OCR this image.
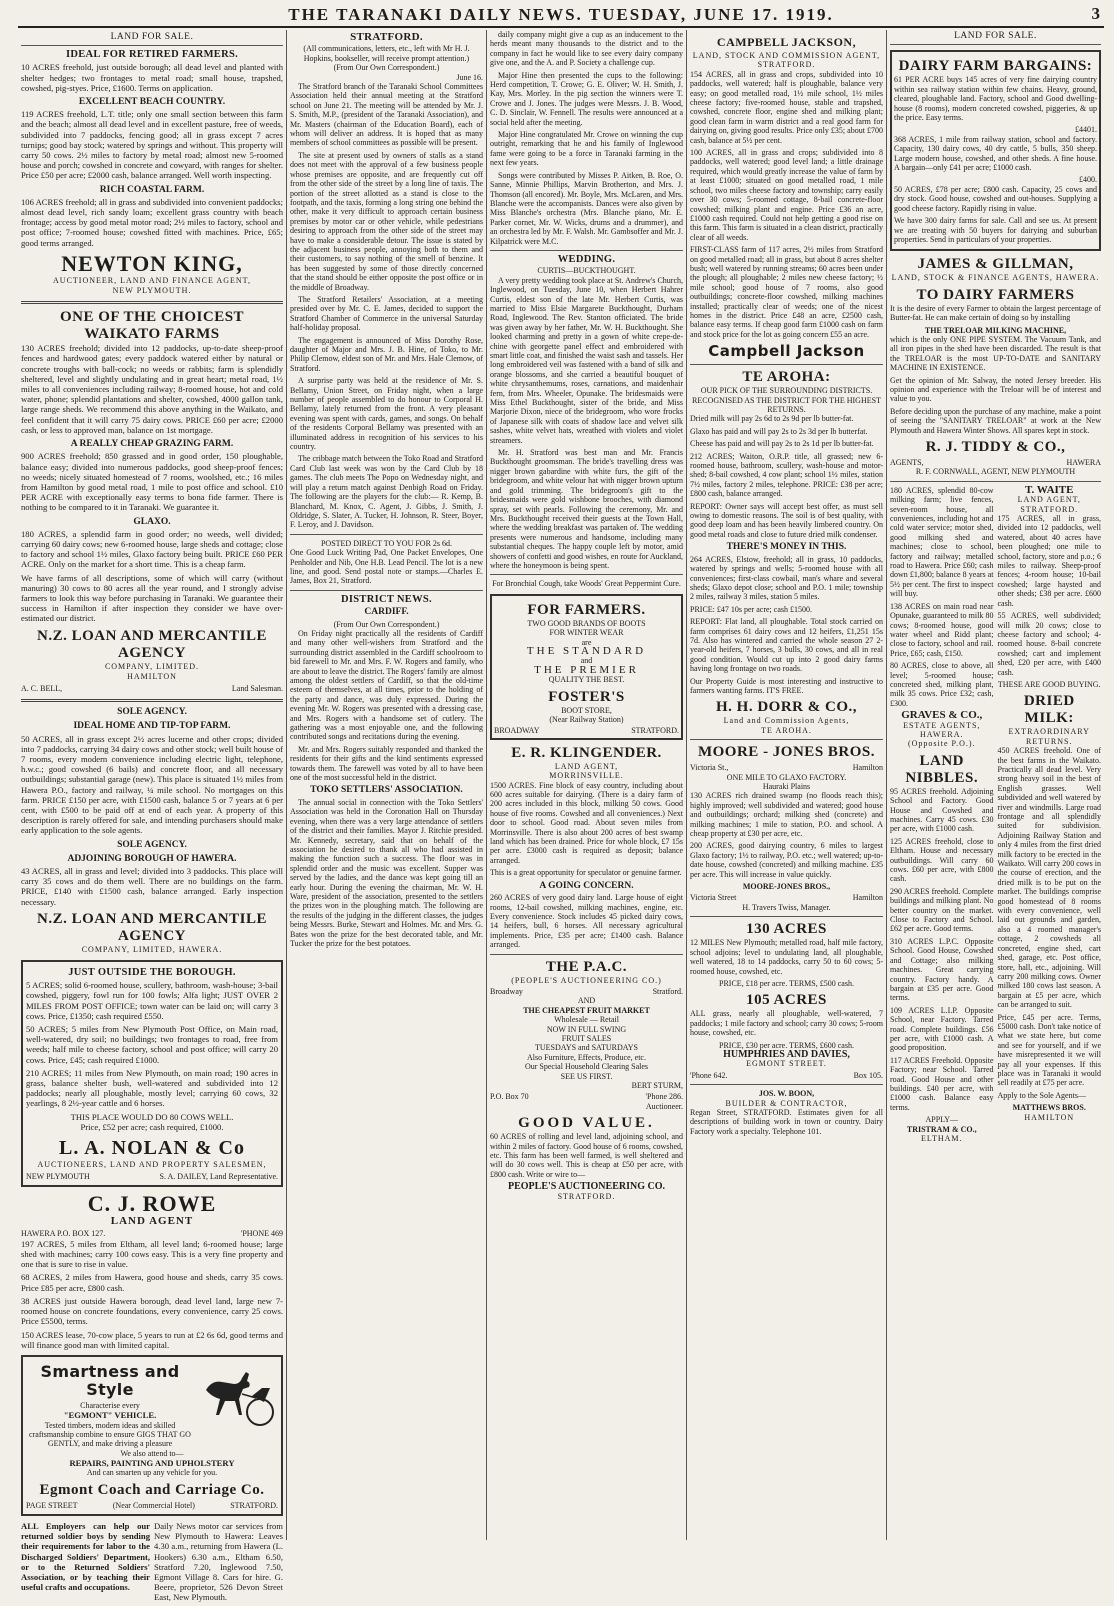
THE TARANAKI DAILY NEWS. TUESDAY, JUNE 17. 1919.	3
LAND FOR SALE.
IDEAL FOR RETIRED FARMERS.

10 ACRES freehold, just outside borough; all dead level and planted with shelter hedges; two frontages to metal road; small house, trapshed, cowshed, pig-styes. Price, £1600. Terms on application.

EXCELLENT BEACH COUNTRY.

119 ACRES freehold, L.T. title; only one small section between this farm and the beach; almost all dead level and in excellent pasture, free of weeds, subdivided into 7 paddocks, fencing good; all in grass except 7 acres turnips; good bay stock; watered by springs and without. This property will carry 50 cows. 2½ miles to factory by metal road; almost new 5-roomed house and porch; cowshed in concrete and cowyard, with ranges for shelter. Price £50 per acre; £2000 cash, balance arranged. Well worth inspecting.

RICH COASTAL FARM.

106 ACRES freehold; all in grass and subdivided into convenient paddocks; almost dead level, rich sandy loam; excellent grass country with beach frontage; access by good metal motor road; 2½ miles to factory, school and post office; 7-roomed house; cowshed fitted with machines. Price, £65; good terms arranged.

NEWTON KING,
AUCTIONEER, LAND AND FINANCE AGENT,
NEW PLYMOUTH.
ONE OF THE CHOICEST WAIKATO FARMS

130 ACRES freehold; divided into 12 paddocks, up-to-date sheep-proof fences and hardwood gates; every paddock watered either by natural or concrete troughs with ball-cock; no weeds or rabbits; farm is splendidly sheltered, level and slightly undulating and in great heart; metal road, 1½ miles to all conveniences including railway; 8-roomed house, hot and cold water, phone; splendid plantations and shelter, cowshed, 4000 gallon tank, large range sheds. We recommend this above anything in the Waikato, and feel confident that it will carry 75 dairy cows. PRICE £60 per acre; £2000 cash, or less to approved man, balance on 1st mortgage.

A REALLY CHEAP GRAZING FARM.

900 ACRES freehold; 850 grassed and in good order, 150 ploughable, balance easy; divided into numerous paddocks, good sheep-proof fences; no weeds; nicely situated homestead of 7 rooms, woolshed, etc.; 16 miles from Hamilton by good metal road, 1 mile to post office and school. £10 PER ACRE with exceptionally easy terms to bona fide farmer. There is nothing to be compared to it in Taranaki. We guarantee it.

GLAXO.

180 ACRES, a splendid farm in good order; no weeds, well divided; carrying 60 dairy cows; new 6-roomed house, large sheds and cottage; close to factory and school 1½ miles, Glaxo factory being built. PRICE £60 PER ACRE. Only on the market for a short time. This is a cheap farm.

We have farms of all descriptions, some of which will carry (without manuring) 30 cows to 80 acres all the year round, and I strongly advise farmers to look this way before purchasing in Taranaki. We guarantee their success in Hamilton if after inspection they consider we have over-estimated our district.

N.Z. LOAN AND MERCANTILE AGENCY
COMPANY, LIMITED.
HAMILTON
A. C. BELL,	Land Salesman.
SOLE AGENCY.
IDEAL HOME AND TIP-TOP FARM.

50 ACRES, all in grass except 2½ acres lucerne and other crops; divided into 7 paddocks, carrying 34 dairy cows and other stock; well built house of 7 rooms, every modern convenience including electric light, telephone, h.w.c.; good cowshed (6 bails) and concrete floor, and all necessary outbuildings; substantial garage (new). This place is situated 1½ miles from Hawera P.O., factory and railway, ¼ mile school. No mortgages on this farm. PRICE £150 per acre, with £1500 cash, balance 5 or 7 years at 6 per cent, with £500 to be paid off at end of each year. A property of this description is rarely offered for sale, and intending purchasers should make early application to the sole agents.

SOLE AGENCY.
ADJOINING BOROUGH OF HAWERA.

43 ACRES, all in grass and level; divided into 3 paddocks. This place will carry 35 cows and do them well. There are no buildings on the farm. PRICE, £140 with £1500 cash, balance arranged. Early inspection necessary.

N.Z. LOAN AND MERCANTILE AGENCY
COMPANY, LIMITED, HAWERA.
JUST OUTSIDE THE BOROUGH.

5 ACRES; solid 6-roomed house, scullery, bathroom, wash-house; 3-bail cowshed, piggery, fowl run for 100 fowls; Alfa light; JUST OVER 2 MILES FROM POST OFFICE; town water can be laid on; will carry 3 cows. Price, £1350; cash required £550.

50 ACRES; 5 miles from New Plymouth Post Office, on Main road, well-watered, dry soil; no buildings; two frontages to road, free from weeds; half mile to cheese factory, school and post office; will carry 20 cows. Price, £45; cash required £1000.

210 ACRES; 11 miles from New Plymouth, on main road; 190 acres in grass, balance shelter bush, well-watered and subdivided into 12 paddocks; nearly all ploughable, mostly level; carrying 60 cows, 32 yearlings, 8 2½-year cattle and 6 horses.

THIS PLACE WOULD DO 80 COWS WELL.
Price, £52 per acre; cash required, £1000.
L. A. NOLAN & Co
AUCTIONEERS, LAND AND PROPERTY SALESMEN,
NEW PLYMOUTH	S. A. DAILEY, Land Representative.
C. J. ROWE
LAND AGENT
HAWERA P.O. BOX 127.	'PHONE 469

197 ACRES, 5 miles from Eltham, all level land; 6-roomed house; large shed with machines; carry 100 cows easy. This is a very fine property and one that is sure to rise in value.

68 ACRES, 2 miles from Hawera, good house and sheds, carry 35 cows. Price £85 per acre, £800 cash.

38 ACRES just outside Hawera borough, dead level land, large new 7-roomed house on concrete foundations, every convenience, carry 25 cows. Price £5500, terms.

150 ACRES lease, 70-cow place, 5 years to run at £2 6s 6d, good terms and will finance good man with limited capital.

Smartness and Style
Characterise every
"EGMONT" VEHICLE.
Tested timbers, modern ideas and skilled craftsmanship combine to ensure GIGS THAT GO GENTLY, and make driving a pleasure
We also attend to—
REPAIRS, PAINTING AND UPHOLSTERY
And can smarten up any vehicle for you.
Egmont Coach and Carriage Co.
PAGE STREET	(Near Commercial Hotel)	STRATFORD.

ALL Employers can help our returned soldier boys by sending their requirements for labor to the Discharged Soldiers' Department, or to the Returned Soldiers' Association, or by teaching their useful crafts and occupations.

Daily News motor car services from New Plymouth to Hawera: Leaves 4.30 a.m., returning from Hawera (L. Hookers) 6.30 a.m., Eltham 6.50, Stratford 7.20, Inglewood 7.50, Egmont Village 8. Cars for hire. G. Beere, proprietor, 526 Devon Street East, New Plymouth.

STRATFORD.
(All communications, letters, etc., left with Mr H. J. Hopkins, bookseller, will receive prompt attention.)
(From Our Own Correspondent.)
June 16.

The Stratford branch of the Taranaki School Committees Association held their annual meeting at the Stratford school on June 21. The meeting will be attended by Mr. J. S. Smith, M.P., (president of the Taranaki Association), and Mr. Masters (chairman of the Education Board), each of whom will deliver an address. It is hoped that as many members of school committees as possible will be present.

The site at present used by owners of stalls as a stand does not meet with the approval of a few business people whose premises are opposite, and are frequently cut off from the other side of the street by a long line of taxis. The portion of the street allotted as a stand is close to the footpath, and the taxis, forming a long string one behind the other, make it very difficult to approach certain business premises by motor car or other vehicle, while pedestrians desiring to approach from the other side of the street may have to make a considerable detour. The issue is stated by the adjacent business people, annoying both to them and their customers, to say nothing of the smell of benzine. It has been suggested by some of those directly concerned that the stand should be either opposite the post office or in the middle of Broadway.

The Stratford Retailers' Association, at a meeting presided over by Mr. C. E. James, decided to support the Stratford Chamber of Commerce in the universal Saturday half-holiday proposal.

The engagement is announced of Miss Dorothy Rose, daughter of Major and Mrs. J. B. Hine, of Toko, to Mr. Philip Clemow, eldest son of Mr. and Mrs. Hale Clemow, of Stratford.

A surprise party was held at the residence of Mr. S. Bellamy, Union Street, on Friday night, when a large number of people assembled to do honour to Corporal H. Bellamy, lately returned from the front. A very pleasant evening was spent with cards, games, and songs. On behalf of the residents Corporal Bellamy was presented with an illuminated address in recognition of his services to his country.

The cribbage match between the Toko Road and Stratford Card Club last week was won by the Card Club by 18 games. The club meets The Popo on Wednesday night, and will play a return match against Denbigh Road on Friday. The following are the players for the club:— R. Kemp, B. Blanchard, M. Knox, C. Agent, J. Gibbs, J. Smith, J. Oldridge, S. Slater, A. Tucker, H. Johnson, R. Steer, Boyer, F. Leroy, and J. Davidson.

POSTED DIRECT TO YOU FOR 2s 6d.

One Good Luck Writing Pad, One Packet Envelopes, One Penholder and Nib, One H.B. Lead Pencil. The lot is a new line, and good. Send postal note or stamps.—Charles E. James, Box 21, Stratford.

DISTRICT NEWS.
CARDIFF.
(From Our Own Correspondent.)

On Friday night practically all the residents of Cardiff and many other well-wishers from Stratford and the surrounding district assembled in the Cardiff schoolroom to bid farewell to Mr. and Mrs. F. W. Rogers and family, who are about to leave the district. The Rogers' family are almost among the oldest settlers of Cardiff, so that the old-time esteem of themselves, at all times, prior to the holding of the party and dance, was duly expressed. During the evening Mr. W. Rogers was presented with a dressing case, and Mrs. Rogers with a handsome set of cutlery. The gathering was a most enjoyable one, and the following contributed songs and recitations during the evening.

Mr. and Mrs. Rogers suitably responded and thanked the residents for their gifts and the kind sentiments expressed towards them. The farewell was voted by all to have been one of the most successful held in the district.

TOKO SETTLERS' ASSOCIATION.

The annual social in connection with the Toko Settlers' Association was held in the Coronation Hall on Thursday evening, when there was a very large attendance of settlers of the district and their families. Mayor J. Ritchie presided. Mr. Kennedy, secretary, said that on behalf of the association he desired to thank all who had assisted in making the function such a success. The floor was in splendid order and the music was excellent. Supper was served by the ladies, and the dance was kept going till an early hour. During the evening the chairman, Mr. W. H. Ware, president of the association, presented to the settlers the prizes won in the ploughing match. The following are the results of the judging in the different classes, the judges being Messrs. Burke, Stewart and Holmes. Mr. and Mrs. G. Bates won the prize for the best decorated table, and Mr. Tucker the prize for the best potatoes.

daily company might give a cup as an inducement to the herds meant many thousands to the district and to the company in fact he would like to see every dairy company give one, and the A. and P. Society a challenge cup.

Major Hine then presented the cups to the following: Herd competition, T. Crowe; G. E. Oliver; W. H. Smith, J. Kay, Mrs. Morley. In the pig section the winners were T. Crowe and J. Jones. The judges were Messrs. J. B. Wood, C. D. Sinclair, W. Fennell. The results were announced at a social held after the meeting.

Major Hine congratulated Mr. Crowe on winning the cup outright, remarking that he and his family of Inglewood fame were going to be a force in Taranaki farming in the next few years.

Songs were contributed by Misses P. Aitken, B. Roe, O. Sanne, Minnie Phillips, Marvin Brotherton, and Mrs. J. Thomson (all encored). Mr. Boyle, Mrs. McLaren, and Mrs. Blanche were the accompanists. Dances were also given by Miss Blanche's orchestra (Mrs. Blanche piano, Mr. E. Parker cornet, Mr. W. Wicks, drums and a drummer), and an orchestra led by Mr. F. Walsh. Mr. Gambsoffer and Mr. J. Kilpatrick were M.C.

WEDDING.
CURTIS—BUCKTHOUGHT.

A very pretty wedding took place at St. Andrew's Church, Inglewood, on Tuesday, June 10, when Herbert Hahrer Curtis, eldest son of the late Mr. Herbert Curtis, was married to Miss Elsie Margarete Buckthought, Durham Road, Inglewood. The Rev. Stanton officiated. The bride was given away by her father, Mr. W. H. Buckthought. She looked charming and pretty in a gown of white crepe-de-chine with georgette panel effect and embroidered with smart little coat, and finished the waist sash and tassels. Her long embroidered veil was fastened with a band of silk and orange blossoms, and she carried a beautiful bouquet of white chrysanthemums, roses, carnations, and maidenhair fern, from Mrs. Wheeler, Opunake. The bridesmaids were Miss Ethel Buckthought, sister of the bride, and Miss Marjorie Dixon, niece of the bridegroom, who wore frocks of Japanese silk with coats of shadow lace and velvet silk sashes, white velvet hats, wreathed with violets and violet streamers.

Mr. H. Stratford was best man and Mr. Francis Buckthought groomsman. The bride's travelling dress was nigger brown gabardine with white furs, the gift of the bridegroom, and white velour hat with nigger brown upturn and gold trimming. The bridegroom's gift to the bridesmaids were gold wishbone brooches, with diamond spray, set with pearls. Following the ceremony, Mr. and Mrs. Buckthought received their guests at the Town Hall, where the wedding breakfast was partaken of. The wedding presents were numerous and handsome, including many substantial cheques. The happy couple left by motor, amid showers of confetti and good wishes, en route for Auckland, where the honeymoon is being spent.

For Bronchial Cough, take Woods' Great Peppermint Cure.

FOR FARMERS.
TWO GOOD BRANDS OF BOOTS
FOR WINTER WEAR
are
THE STANDARD
and
THE PREMIER
QUALITY THE BEST.
FOSTER'S
BOOT STORE,
(Near Railway Station)
BROADWAY	STRATFORD.
E. R. KLINGENDER.
LAND AGENT,
MORRINSVILLE.

1500 ACRES. Fine block of easy country, including about 600 acres suitable for dairying. (There is a dairy farm of 200 acres included in this block, milking 50 cows. Good house of five rooms. Cowshed and all conveniences.) Next door to school. Good road. About seven miles from Morrinsville. There is also about 200 acres of best swamp land which has been drained. Price for whole block, £7 15s per acre. £3000 cash is required as deposit; balance arranged.

This is a great opportunity for speculator or genuine farmer.

A GOING CONCERN.

260 ACRES of very good dairy land. Large house of eight rooms, 12-bail cowshed, milking machines, engine, etc. Every convenience. Stock includes 45 picked dairy cows, 14 heifers, bull, 6 horses. All necessary agricultural implements. Price, £35 per acre; £1400 cash. Balance arranged.

THE P.A.C.
(PEOPLE'S AUCTIONEERING CO.)
Broadway	Stratford.
AND
THE CHEAPEST FRUIT MARKET
Wholesale — Retail
NOW IN FULL SWING
FRUIT SALES
TUESDAYS and SATURDAYS
Also Furniture, Effects, Produce, etc.
Our Special Household Clearing Sales
SEE US FIRST.
BERT STURM,
P.O. Box 70	'Phone 286.
Auctioneer.
GOOD VALUE.

60 ACRES of rolling and level land, adjoining school, and within 2 miles of factory. Good house of 6 rooms, cowshed, etc. This farm has been well farmed, is well sheltered and will do 30 cows well. This is cheap at £50 per acre, with £800 cash. Write or wire to—

PEOPLE'S AUCTIONEERING CO.
STRATFORD.
CAMPBELL JACKSON,
LAND, STOCK AND COMMISSION AGENT, STRATFORD.

154 ACRES, all in grass and crops, subdivided into 10 paddocks, well watered; half is ploughable, balance very easy; on good metalled road, 1½ mile school, 1½ miles cheese factory; five-roomed house, stable and trapshed, cowshed, concrete floor, engine shed and milking plant; good clean farm in warm district and a real good farm for dairying on, giving good results. Price only £35; about £700 cash, balance at 5½ per cent.

100 ACRES, all in grass and crops; subdivided into 8 paddocks, well watered; good level land; a little drainage required, which would greatly increase the value of farm by at least £1000; situated on good metalled road, 1 mile school, two miles cheese factory and township; carry easily over 30 cows; 5-roomed cottage, 8-bail concrete-floor cowshed; milking plant and engine. Price £36 an acre, £1000 cash required. Could not help getting a good rise on this farm. This farm is situated in a clean district, practically clear of all weeds.

FIRST-CLASS farm of 117 acres, 2½ miles from Stratford on good metalled road; all in grass, but about 8 acres shelter bush; well watered by running streams; 60 acres been under the plough; all ploughable; 2 miles new cheese factory; ½ mile school; good house of 7 rooms, also good outbuildings; concrete-floor cowshed, milking machines installed; practically clear of weeds; one of the nicest homes in the district. Price £48 an acre, £2500 cash, balance easy terms. If cheap good farm £1000 cash on farm and stock price for the lot as going concern £55 an acre.

Campbell Jackson
TE AROHA:
OUR PICK OF THE SURROUNDING DISTRICTS.
RECOGNISED AS THE DISTRICT FOR THE HIGHEST RETURNS.

Dried milk will pay 2s 6d to 2s 9d per lb butter-fat.

Glaxo has paid and will pay 2s to 2s 3d per lb butterfat.

Cheese has paid and will pay 2s to 2s 1d per lb butter-fat.

212 ACRES; Waiton, O.R.P. title, all grassed; new 6-roomed house, bathroom, scullery, wash-house and motor-shed; 8-bail cowshed, 4 cow plant; school 1½ miles, station 7½ miles, factory 2 miles, telephone. PRICE: £38 per acre; £800 cash, balance arranged.

REPORT: Owner says will accept best offer, as must sell owing to domestic reasons. The soil is of best quality, with good deep loam and has been heavily limbered country. On good metal roads and close to future dried milk condenser.

THERE'S MONEY IN THIS.

264 ACRES, Elstow, freehold; all in grass, 10 paddocks, watered by springs and wells; 5-roomed house with all conveniences; first-class cowbail, man's whare and several sheds; Glaxo depot close; school and P.O. 1 mile; township 2 miles, railway 3 miles, station 5 miles.

PRICE: £47 10s per acre; cash £1500.

REPORT: Flat land, all ploughable. Total stock carried on farm comprises 61 dairy cows and 12 heifers, £1,251 15s 7d. Also has wintered and carried the whole season 27 2-year-old heifers, 7 horses, 3 bulls, 30 cows, and all in real good condition. Would cut up into 2 good dairy farms having long frontage on two roads.

Our Property Guide is most interesting and instructive to farmers wanting farms. IT'S FREE.

H. H. DORR & CO.,
Land and Commission Agents,
TE AROHA.
MOORE - JONES BROS.
Victoria St.,	Hamilton
ONE MILE TO GLAXO FACTORY.
Hauraki Plains

130 ACRES rich drained swamp (no floods reach this); highly improved; well subdivided and watered; good house and outbuildings; orchard; milking shed (concrete) and milking machines; 1 mile to station, P.O. and school. A cheap property at £30 per acre, etc.

200 ACRES, good dairying country, 6 miles to largest Glaxo factory; 1½ to railway, P.O. etc.; well watered; up-to-date house, cowshed (concreted) and milking machine. £35 per acre. This will increase in value quickly.

MOORE-JONES BROS.,
Victoria Street	Hamilton
H. Travers Twiss, Manager.
130 ACRES

12 MILES New Plymouth; metalled road, half mile factory, school adjoins; level to undulating land, all ploughable, well watered, 18 to 14 paddocks, carry 50 to 60 cows; 5-roomed house, cowshed, etc.

PRICE, £18 per acre. TERMS, £500 cash.
105 ACRES

ALL grass, nearly all ploughable, well-watered, 7 paddocks; 1 mile factory and school; carry 30 cows; 5-room house, cowshed, etc.

PRICE, £30 per acre. TERMS, £600 cash.
HUMPHRIES AND DAVIES,
EGMONT STREET.
'Phone 642.	Box 105.
JOS. W. BOON,
BUILDER & CONTRACTOR,

Regan Street, STRATFORD. Estimates given for all descriptions of building work in town or country. Dairy Factory work a specialty. Telephone 101.

LAND FOR SALE.
DAIRY FARM BARGAINS:

61 PER ACRE buys 145 acres of very fine dairying country within sea railway station within few chains. Heavy, ground, cleared, ploughable land. Factory, school and Good dwelling-house (8 rooms), modern concreted cowshed, piggeries, & up the price. Easy terms.

£4401.

368 ACRES, 1 mile from railway station, school and factory. Capacity, 130 dairy cows, 40 dry cattle, 5 bulls, 350 sheep. Large modern house, cowshed, and other sheds. A fine house. A bargain—only £41 per acre; £1000 cash.

£400.

50 ACRES, £78 per acre; £800 cash. Capacity, 25 cows and dry stock. Good house, cowshed and out-houses. Supplying a good cheese factory. Rapidly rising in value.

We have 300 dairy farms for sale. Call and see us. At present we are treating with 50 buyers for dairying and suburban properties. Send in particulars of your properties.

JAMES & GILLMAN,
LAND, STOCK & FINANCE AGENTS, HAWERA.
TO DAIRY FARMERS

It is the desire of every Farmer to obtain the largest percentage of Butter-fat. He can make certain of doing so by installing

THE TRELOAR MILKING MACHINE,

which is the only ONE PIPE SYSTEM. The Vacuum Tank, and all iron pipes in the shed have been discarded. The result is that the TRELOAR is the most UP-TO-DATE and SANITARY MACHINE IN EXISTENCE.

Get the opinion of Mr. Salway, the noted Jersey breeder. His opinion and experience with the Treloar will be of interest and value to you.

Before deciding upon the purchase of any machine, make a point of seeing the "SANITARY TRELOAR" at work at the New Plymouth and Hawera Winter Shows. All spares kept in stock.

R. J. TIDDY & CO.,
AGENTS,	HAWERA
R. F. CORNWALL, AGENT, NEW PLYMOUTH

180 ACRES, splendid 80-cow milking farm; live fences, seven-room house, all conveniences, including hot and cold water service; motor shed, good milking shed and machines; close to school, factory and railway; metalled road to Hawera. Price £60; cash down £1,800; balance 8 years at 5½ per cent. The first to inspect will buy.

138 ACRES on main road near Opunake, guaranteed to milk 80 cows; 8-roomed house, good water wheel and Ridd plant; close to factory, school and rail. Price, £65; cash, £150.

80 ACRES, close to above, all level; 5-roomed house; concreted shed, milking plant, milk 35 cows. Price £32; cash, £300.

GRAVES & CO.,
ESTATE AGENTS, HAWERA.
(Opposite P.O.).
LAND NIBBLES.

95 ACRES freehold. Adjoining School and Factory. Good House and Cowshed and machines. Carry 45 cows. £30 per acre, with £1000 cash.

125 ACRES freehold, close to Eltham. House and necessary outbuildings. Will carry 60 cows. £60 per acre, with £800 cash.

290 ACRES freehold. Complete buildings and milking plant. No better country on the market. Close to Factory and School. £62 per acre. Good terms.

310 ACRES L.P.C. Opposite School. Good House, Cowshed and Cottage; also milking machines. Great carrying country. Factory handy. A bargain at £35 per acre. Good terms.

109 ACRES L.I.P. Opposite School, near Factory. Tarred road. Complete buildings. £56 per acre, with £1000 cash. A good proposition.

117 ACRES Freehold. Opposite Factory; near School. Tarred road. Good House and other buildings. £40 per acre, with £1000 cash. Balance easy terms.

APPLY—
TRISTRAM & CO.,
ELTHAM.
T. WAITE
LAND AGENT, STRATFORD.

175 ACRES, all in grass, divided into 12 paddocks, well watered, about 40 acres have been ploughed; one mile to school, factory, store and p.o.; 6 miles to railway. Sheep-proof fences; 4-room house; 10-bail cowshed; large haysted and other sheds; £38 per acre. £600 cash.

55 ACRES, well subdivided; will milk 20 cows; close to cheese factory and school; 4-roomed house. 8-bail concrete cowshed; cart and implement shed, £20 per acre, with £400 cash.

THESE ARE GOOD BUYING.
DRIED MILK:
EXTRAORDINARY RETURNS.

450 ACRES freehold. One of the best farms in the Waikato. Practically all dead level. Very strong heavy soil in the best of English grasses. Well subdivided and well watered by river and windmills. Large road frontage and all splendidly suited for subdivision. Adjoining Railway Station and only 4 miles from the first dried milk factory to be erected in the Waikato. Will carry 200 cows in the course of erection, and the dried milk is to be put on the market. The buildings comprise good homestead of 8 rooms with every convenience, well laid out grounds and garden, also a 4 roomed manager's cottage, 2 cowsheds all concreted, engine shed, cart shed, garage, etc. Post office, store, hall, etc., adjoining. Will carry 200 milking cows. Owner milked 180 cows last season. A bargain at £5 per acre, which can be arranged to suit.

Price, £45 per acre. Terms, £5000 cash. Don't take notice of what we state here, but come and see for yourself, and if we have misrepresented it we will pay all your expenses. If this place was in Taranaki it would sell readily at £75 per acre.

Apply to the Sole Agents—

MATTHEWS BROS.
HAMILTON
